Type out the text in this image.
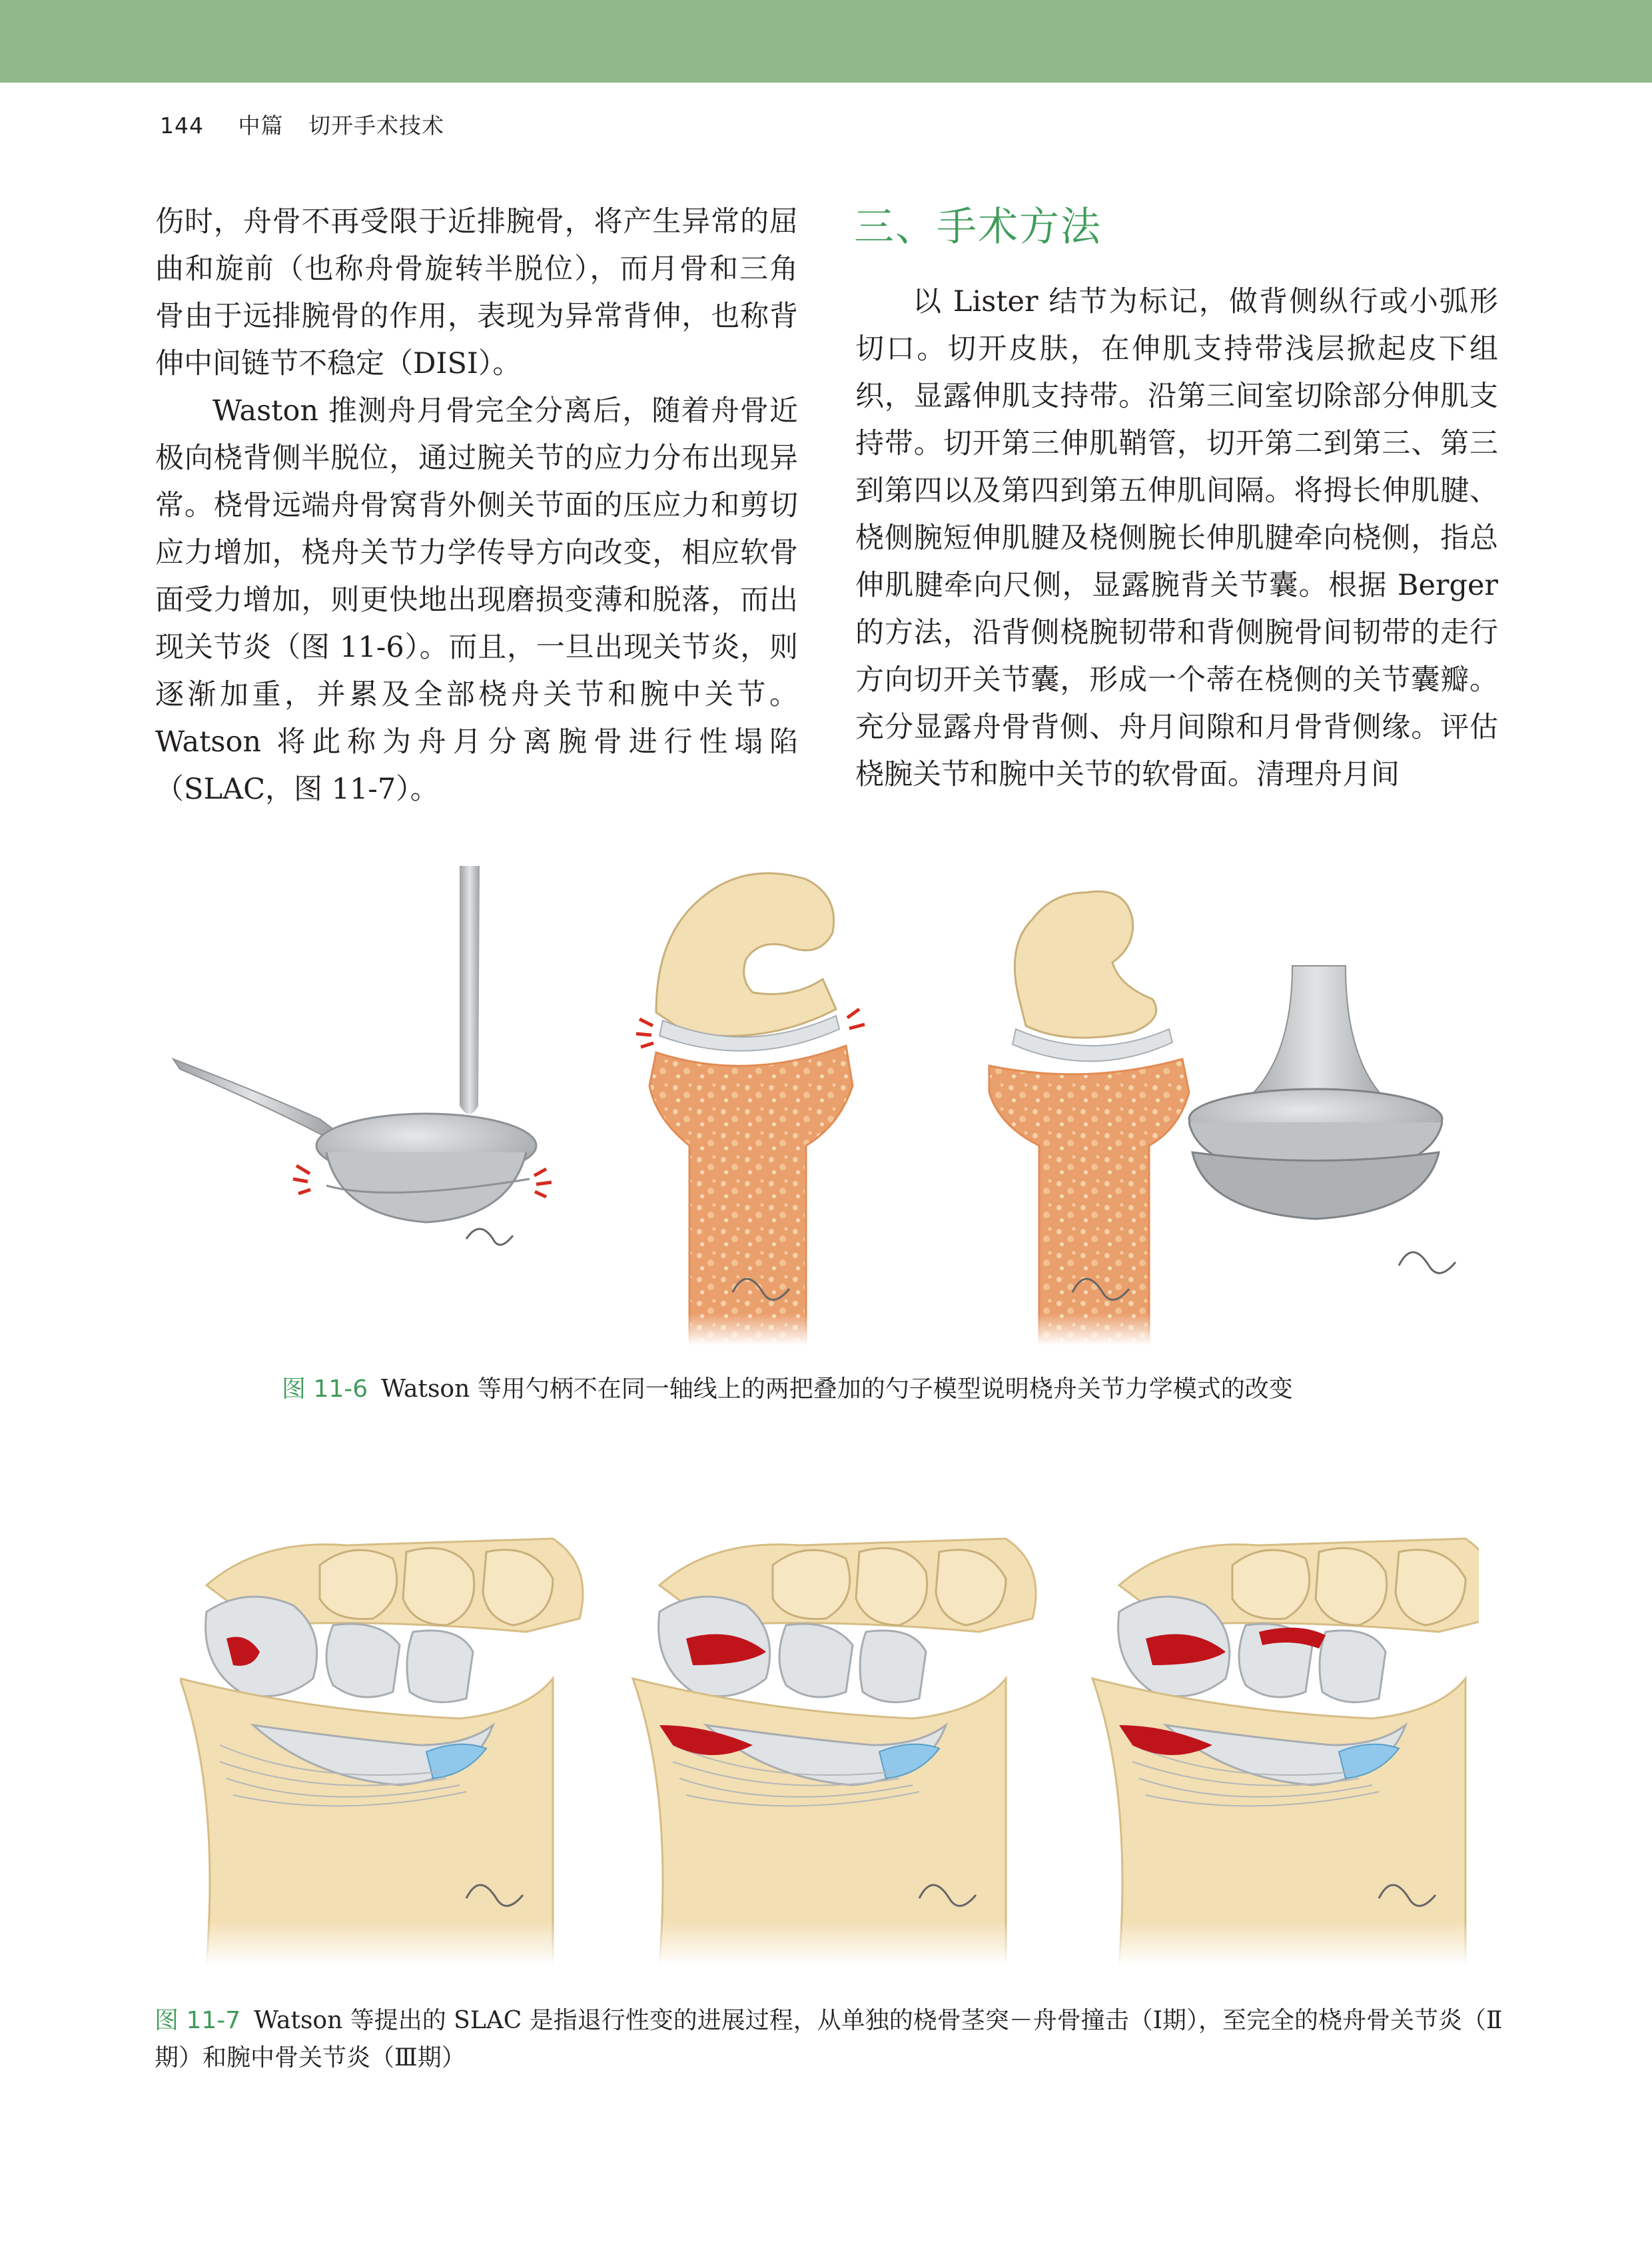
144 中篇 切开手术技术

伤时，舟骨不再受限于近排腕骨，将产生异常的屈曲和旋前（也称舟骨旋转半脱位），而月骨和三角骨由于远排腕骨的作用，表现为异常背伸，也称背伸中间链节不稳定（DISI）。

Waston 推测舟月骨完全分离后，随着舟骨近极向桡背侧半脱位，通过腕关节的应力分布出现异常。桡骨远端舟骨窝背外侧关节面的压应力和剪切应力增加，桡舟关节力学传导方向改变，相应软骨面受力增加，则更快地出现磨损变薄和脱落，而出现关节炎（图 11-6）。而且，一旦出现关节炎，则逐渐加重，并累及全部桡舟关节和腕中关节。Watson 将此称为舟月分离腕骨进行性塌陷（SLAC，图 11-7）。

三、手术方法

以 Lister 结节为标记，做背侧纵行或小弧形切口。切开皮肤，在伸肌支持带浅层掀起皮下组织，显露伸肌支持带。沿第三间室切除部分伸肌支持带。切开第三伸肌鞘管，切开第二到第三、第三到第四以及第四到第五伸肌间隔。将拇长伸肌腱、桡侧腕短伸肌腱及桡侧腕长伸肌腱牵向桡侧，指总伸肌腱牵向尺侧，显露腕背关节囊。根据 Berger 的方法，沿背侧桡腕韧带和背侧腕骨间韧带的走行方向切开关节囊，形成一个蒂在桡侧的关节囊瓣。充分显露舟骨背侧、舟月间隙和月骨背侧缘。评估桡腕关节和腕中关节的软骨面。清理舟月间

图 11-6 Watson 等用勺柄不在同一轴线上的两把叠加的勺子模型说明桡舟关节力学模式的改变
图 11-7 Watson 等提出的 SLAC 是指退行性变的进展过程，从单独的桡骨茎突－舟骨撞击（Ⅰ期），至完全的桡舟骨关节炎（Ⅱ期）和腕中骨关节炎（Ⅲ期）
